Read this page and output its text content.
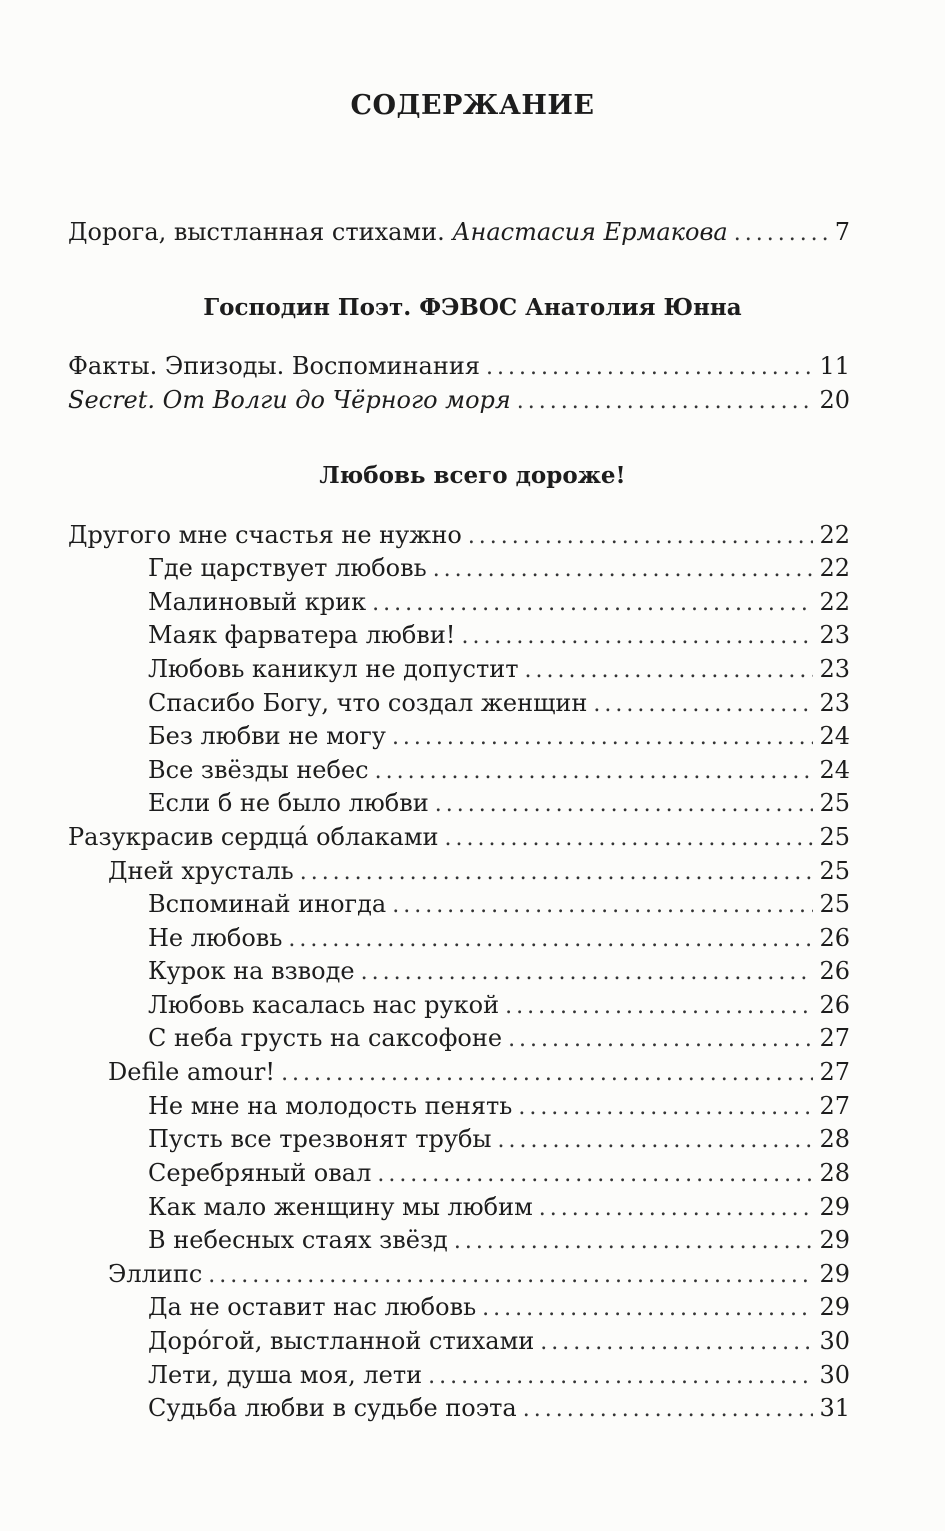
СОДЕРЖАНИЕ
Дорога, выстланная стихами. Анастасия Ермакова .....	7
Господин Поэт. ФЭВОС Анатолия Юнна
Факты. Эпизоды. Воспоминания .....	11
Secret. От Волги до Чёрного моря .....	20
Любовь всего дороже!
Другого мне счастья не нужно .....	22
Где царствует любовь .....	22
Малиновый крик .....	22
Маяк фарватера любви! .....	23
Любовь каникул не допустит .....	23
Спасибо Богу, что создал женщин .....	23
Без любви не могу .....	24
Все звёзды небес .....	24
Если б не было любви .....	25
Разукрасив сердца́ облаками .....	25
Дней хрусталь .....	25
Вспоминай иногда .....	25
Не любовь .....	26
Курок на взводе .....	26
Любовь касалась нас рукой .....	26
С неба грусть на саксофоне .....	27
Defile amour! .....	27
Не мне на молодость пенять .....	27
Пусть все трезвонят трубы .....	28
Серебряный овал .....	28
Как мало женщину мы любим .....	29
В небесных стаях звёзд .....	29
Эллипс .....	29
Да не оставит нас любовь .....	29
Доро́гой, выстланной стихами .....	30
Лети, душа моя, лети .....	30
Судьба любви в судьбе поэта .....	31
